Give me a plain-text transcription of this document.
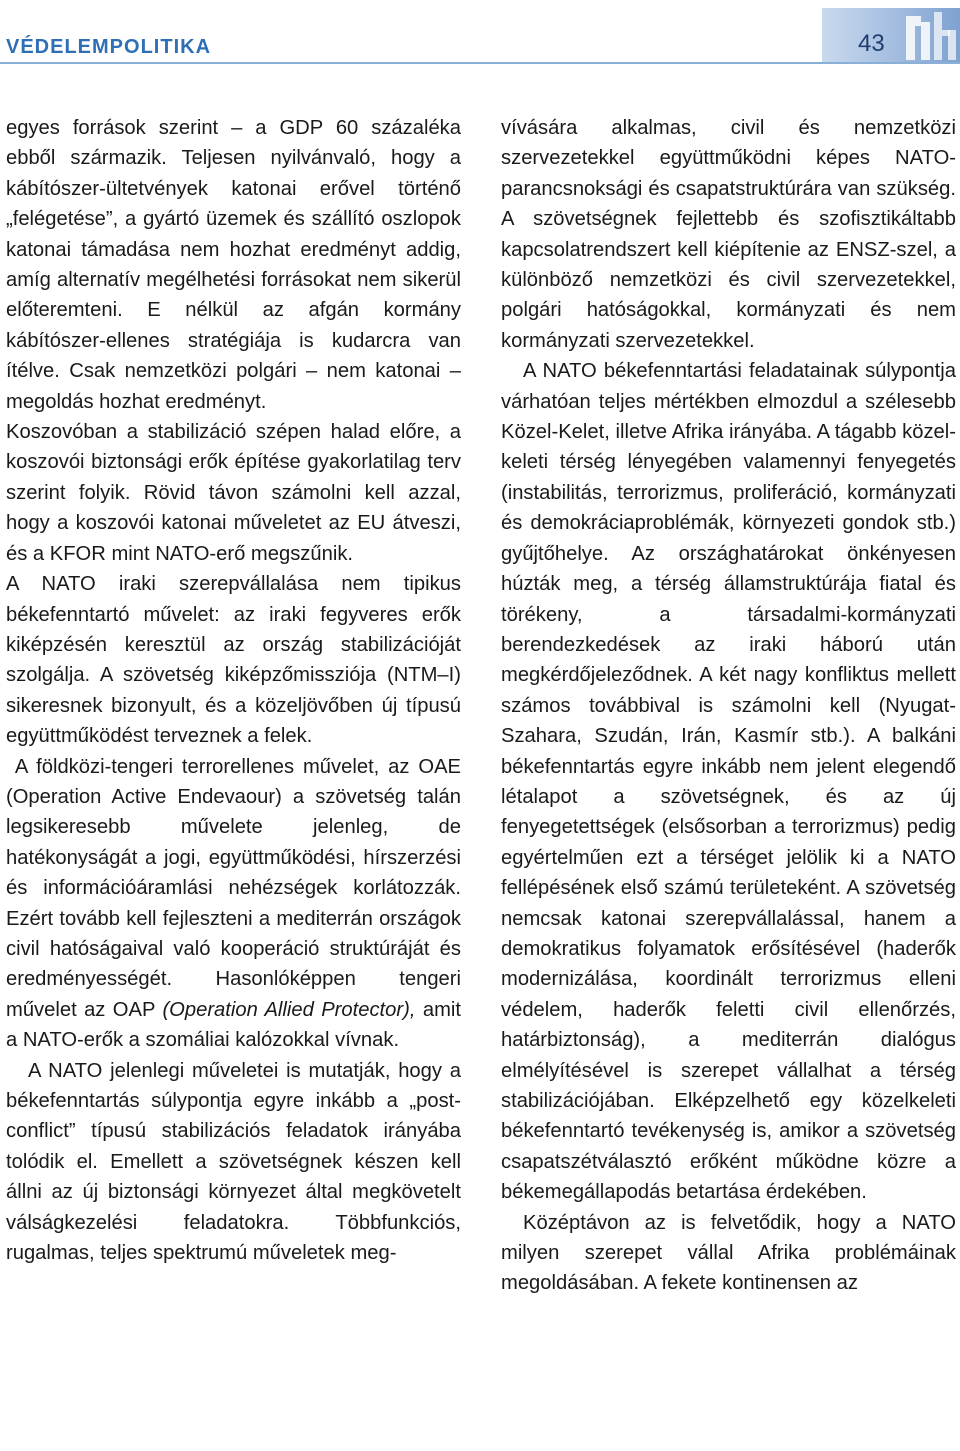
VÉDELEMPOLITIKA	43

egyes források szerint – a GDP 60 százaléka ebből származik. Teljesen nyilvánvaló, hogy a kábítószer-ültetvények katonai erővel történő „felégetése”, a gyártó üzemek és szállító oszlopok katonai támadása nem hozhat eredményt addig, amíg alternatív megélhetési forrásokat nem sikerül előteremteni. E nélkül az afgán kormány kábítószer-ellenes stratégiája is kudarcra van ítélve. Csak nemzetközi polgári – nem katonai – megoldás hozhat eredményt.

Koszovóban a stabilizáció szépen halad előre, a koszovói biztonsági erők építése gyakorlatilag terv szerint folyik. Rövid távon számolni kell azzal, hogy a koszovói katonai műveletet az EU átveszi, és a KFOR mint NATO-erő megszűnik.

A NATO iraki szerepvállalása nem tipikus békefenntartó művelet: az iraki fegyveres erők kiképzésén keresztül az ország stabilizációját szolgálja. A szövetség kiképzőmissziója (NTM–I) sikeresnek bizonyult, és a közeljövőben új típusú együttműködést terveznek a felek.

A földközi-tengeri terrorellenes művelet, az OAE (Operation Active Endevaour) a szövetség talán legsikeresebb művelete jelenleg, de hatékonyságát a jogi, együttműködési, hírszerzési és információáramlási nehézségek korlátozzák. Ezért tovább kell fejleszteni a mediterrán országok civil hatóságaival való kooperáció struktúráját és eredményességét. Hasonlóképpen tengeri művelet az OAP (Operation Allied Protector), amit a NATO-erők a szomáliai kalózokkal vívnak.

A NATO jelenlegi műveletei is mutatják, hogy a békefenntartás súlypontja egyre inkább a „post-conflict” típusú stabilizációs feladatok irányába tolódik el. Emellett a szövetségnek készen kell állni az új biztonsági környezet által megkövetelt válságkezelési feladatokra. Többfunkciós, rugalmas, teljes spektrumú műveletek meg-

vívására alkalmas, civil és nemzetközi szervezetekkel együttműködni képes NATO-parancsnoksági és csapatstruktúrára van szükség. A szövetségnek fejlettebb és szofisztikáltabb kapcsolatrendszert kell kiépítenie az ENSZ-szel, a különböző nemzetközi és civil szervezetekkel, polgári hatóságokkal, kormányzati és nem kormányzati szervezetekkel.

A NATO békefenntartási feladatainak súlypontja várhatóan teljes mértékben elmozdul a szélesebb Közel-Kelet, illetve Afrika irányába. A tágabb közel-keleti térség lényegében valamennyi fenyegetés (instabilitás, terrorizmus, proliferáció, kormányzati és demokráciaproblémák, környezeti gondok stb.) gyűjtőhelye. Az országhatárokat önkényesen húzták meg, a térség államstruktúrája fiatal és törékeny, a társadalmi-kormányzati berendezkedések az iraki háború után megkérdőjeleződnek. A két nagy konfliktus mellett számos továbbival is számolni kell (Nyugat-Szahara, Szudán, Irán, Kasmír stb.). A balkáni békefenntartás egyre inkább nem jelent elegendő létalapot a szövetségnek, és az új fenyegetettségek (elsősorban a terrorizmus) pedig egyértelműen ezt a térséget jelölik ki a NATO fellépésének első számú területeként. A szövetség nemcsak katonai szerepvállalással, hanem a demokratikus folyamatok erősítésével (haderők modernizálása, koordinált terrorizmus elleni védelem, haderők feletti civil ellenőrzés, határbiztonság), a mediterrán dialógus elmélyítésével is szerepet vállalhat a térség stabilizációjában. Elképzelhető egy közelkeleti békefenntartó tevékenység is, amikor a szövetség csapatszétválasztó erőként működne közre a békemegállapodás betartása érdekében.

Középtávon az is felvetődik, hogy a NATO milyen szerepet vállal Afrika problémáinak megoldásában. A fekete kontinensen az
